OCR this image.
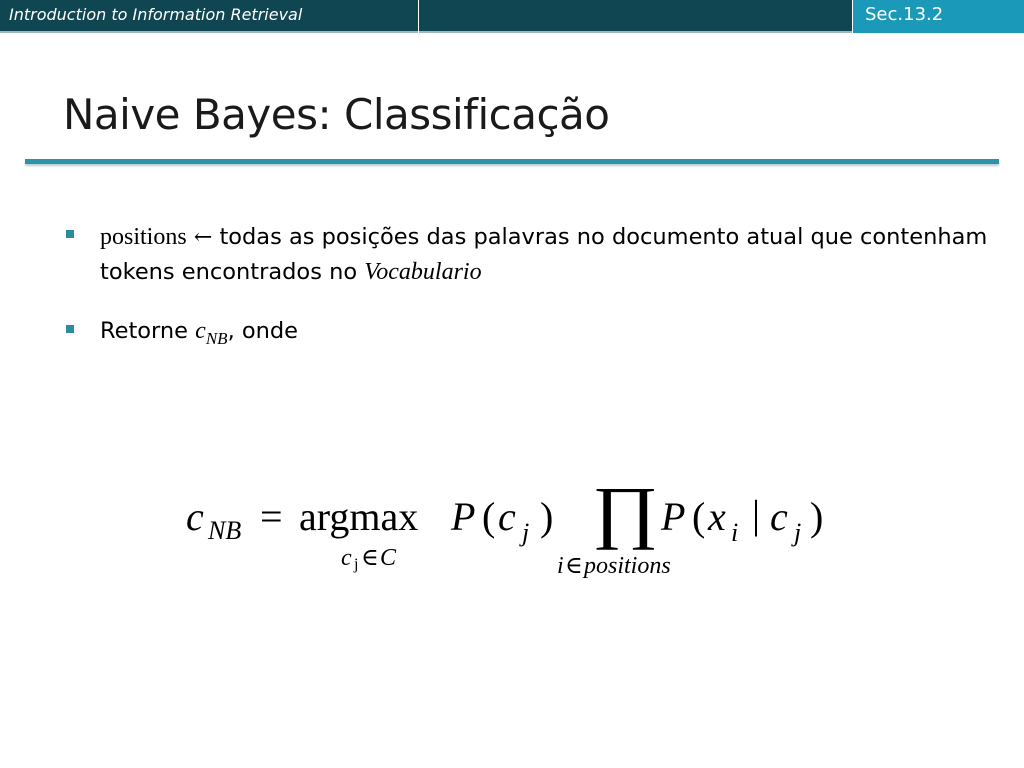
Introduction to Information Retrieval	Sec.13.2
Naive Bayes: Classificação
positions ← todas as posições das palavras no documento atual que contenham tokens encontrados no Vocabulario
Retorne $c_{NB}$, onde
c NB = argmax P ( c j ) ∏ P ( x i | c j )
c j ∈ C	i ∈ positions
